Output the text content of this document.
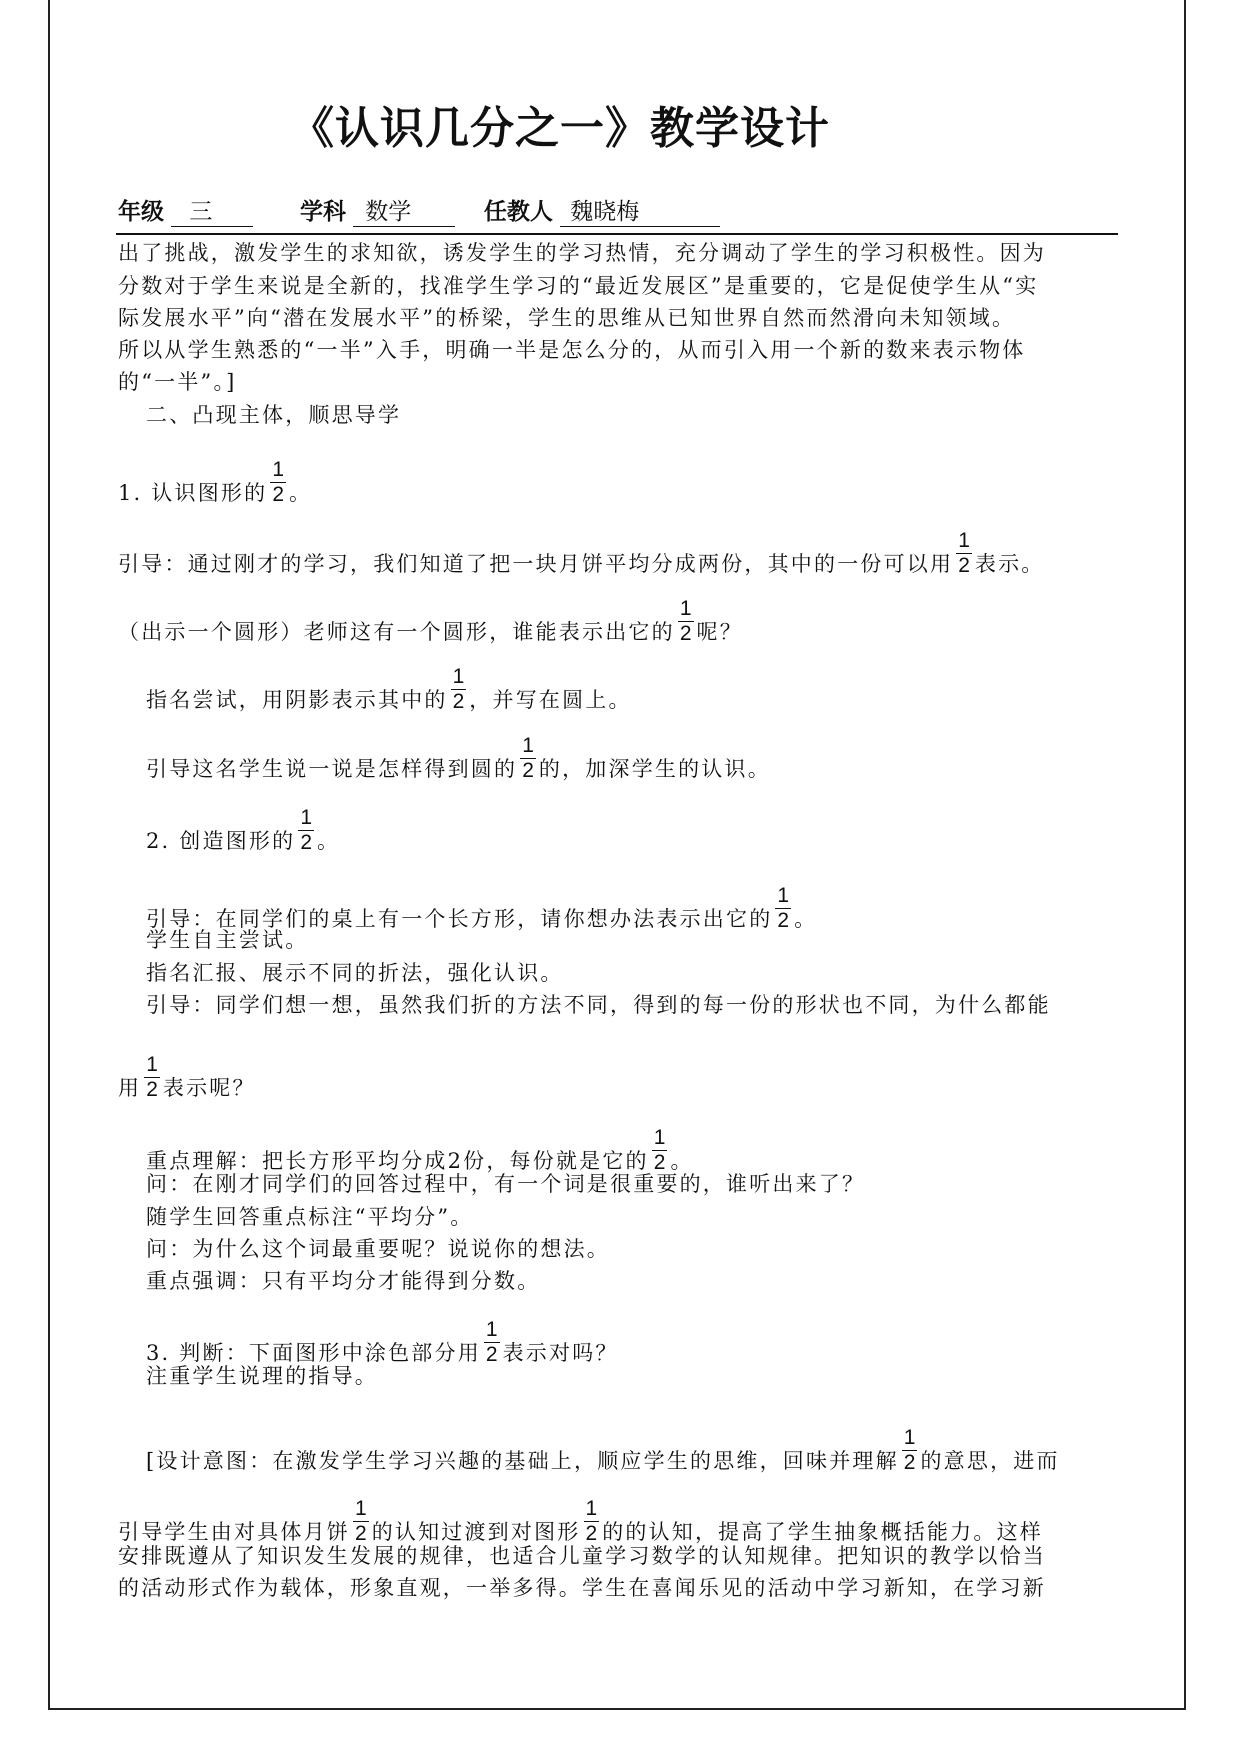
《认识几分之一》教学设计
年级 三	学科 数学	任教人 魏晓梅
出了挑战，激发学生的求知欲，诱发学生的学习热情，充分调动了学生的学习积极性。因为
分数对于学生来说是全新的，找准学生学习的“最近发展区”是重要的，它是促使学生从“实
际发展水平”向“潜在发展水平”的桥梁，学生的思维从已知世界自然而然滑向未知领域。
所以从学生熟悉的“一半”入手，明确一半是怎么分的，从而引入用一个新的数来表示物体
的“一半”。]
二、凸现主体，顺思导学
1. 认识图形的 $\frac{1}{2}$ 。
引导：通过刚才的学习，我们知道了把一块月饼平均分成两份，其中的一份可以用 $\frac{1}{2}$ 表示。
（出示一个圆形）老师这有一个圆形，谁能表示出它的 $\frac{1}{2}$ 呢？
指名尝试，用阴影表示其中的 $\frac{1}{2}$ ，并写在圆上。
引导这名学生说一说是怎样得到圆的 $\frac{1}{2}$ 的，加深学生的认识。
2. 创造图形的 $\frac{1}{2}$ 。
引导：在同学们的桌上有一个长方形，请你想办法表示出它的 $\frac{1}{2}$ 。
学生自主尝试。
指名汇报、展示不同的折法，强化认识。
引导：同学们想一想，虽然我们折的方法不同，得到的每一份的形状也不同，为什么都能
用 $\frac{1}{2}$ 表示呢？
重点理解：把长方形平均分成2份，每份就是它的 $\frac{1}{2}$ 。
问：在刚才同学们的回答过程中，有一个词是很重要的，谁听出来了？
随学生回答重点标注“平均分”。
问：为什么这个词最重要呢？说说你的想法。
重点强调：只有平均分才能得到分数。
3. 判断：下面图形中涂色部分用 $\frac{1}{2}$ 表示对吗？
注重学生说理的指导。
[设计意图：在激发学生学习兴趣的基础上，顺应学生的思维，回味并理解 $\frac{1}{2}$ 的意思，进而
引导学生由对具体月饼 $\frac{1}{2}$ 的认知过渡到对图形 $\frac{1}{2}$ 的的认知，提高了学生抽象概括能力。这样
安排既遵从了知识发生发展的规律，也适合儿童学习数学的认知规律。把知识的教学以恰当
的活动形式作为载体，形象直观，一举多得。学生在喜闻乐见的活动中学习新知，在学习新
